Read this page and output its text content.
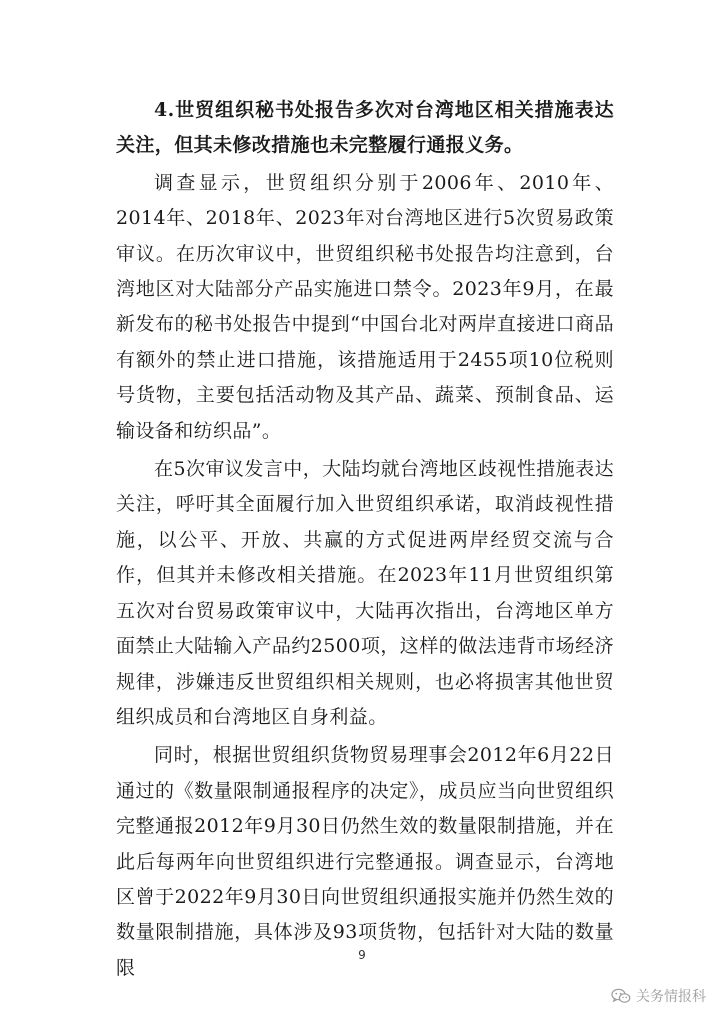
4.世贸组织秘书处报告多次对台湾地区相关措施表达关注，但其未修改措施也未完整履行通报义务。

调查显示，世贸组织分别于2006年、2010年、2014年、2018年、2023年对台湾地区进行5次贸易政策审议。在历次审议中，世贸组织秘书处报告均注意到，台湾地区对大陆部分产品实施进口禁令。2023年9月，在最新发布的秘书处报告中提到“中国台北对两岸直接进口商品有额外的禁止进口措施，该措施适用于2455项10位税则号货物，主要包括活动物及其产品、蔬菜、预制食品、运输设备和纺织品”。

在5次审议发言中，大陆均就台湾地区歧视性措施表达关注，呼吁其全面履行加入世贸组织承诺，取消歧视性措施，以公平、开放、共赢的方式促进两岸经贸交流与合作，但其并未修改相关措施。在2023年11月世贸组织第五次对台贸易政策审议中，大陆再次指出，台湾地区单方面禁止大陆输入产品约2500项，这样的做法违背市场经济规律，涉嫌违反世贸组织相关规则，也必将损害其他世贸组织成员和台湾地区自身利益。

同时，根据世贸组织货物贸易理事会2012年6月22日通过的《数量限制通报程序的决定》，成员应当向世贸组织完整通报2012年9月30日仍然生效的数量限制措施，并在此后每两年向世贸组织进行完整通报。调查显示，台湾地区曾于2022年9月30日向世贸组织通报实施并仍然生效的数量限制措施，具体涉及93项货物，包括针对大陆的数量限

9
关务情报科
